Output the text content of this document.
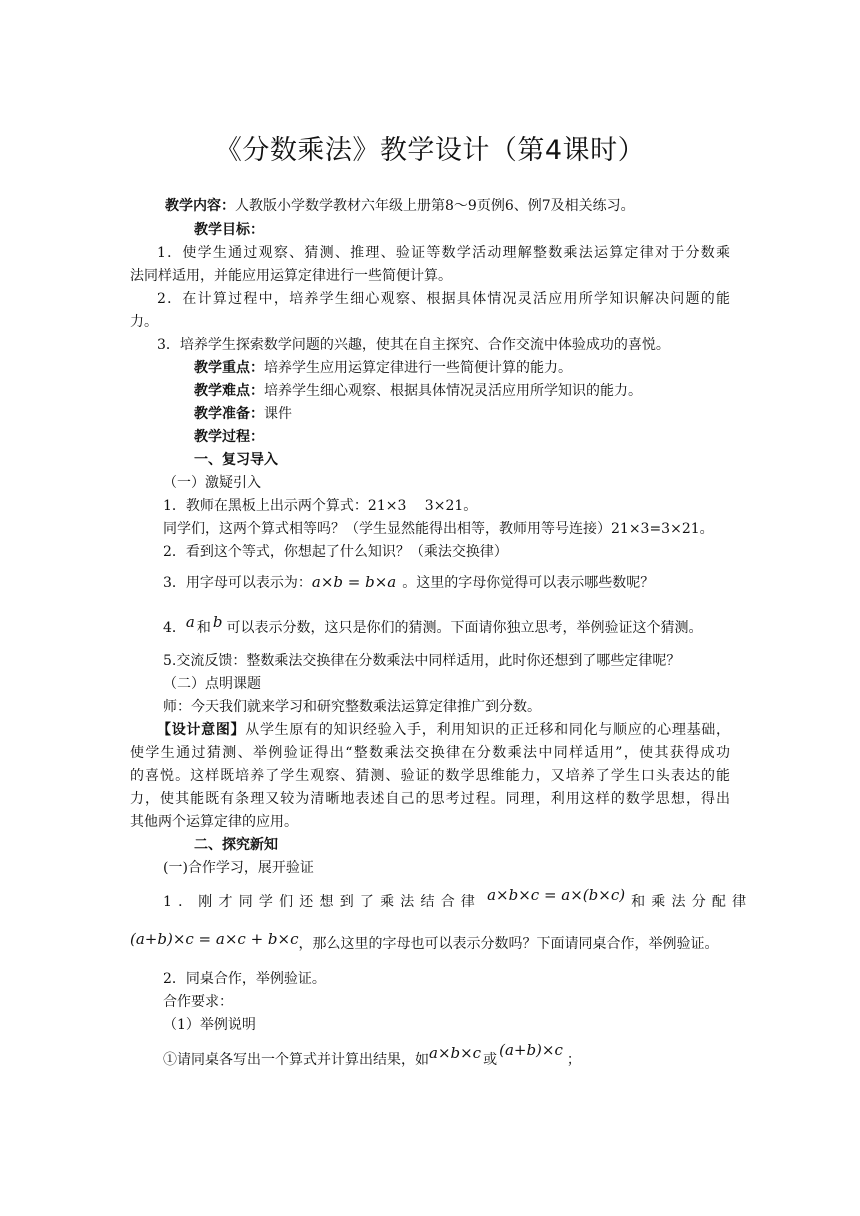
《分数乘法》教学设计（第4课时）
教学内容：人教版小学数学教材六年级上册第8～9页例6、例7及相关练习。
教学目标：
1．使学生通过观察、猜测、推理、验证等数学活动理解整数乘法运算定律对于分数乘
法同样适用，并能应用运算定律进行一些简便计算。
2．在计算过程中，培养学生细心观察、根据具体情况灵活应用所学知识解决问题的能
力。
3．培养学生探索数学问题的兴趣，使其在自主探究、合作交流中体验成功的喜悦。
教学重点：培养学生应用运算定律进行一些简便计算的能力。
教学难点：培养学生细心观察、根据具体情况灵活应用所学知识的能力。
教学准备：课件
教学过程：
一、复习导入
（一）激疑引入
1．教师在黑板上出示两个算式：21×3　 3×21。
同学们，这两个算式相等吗？（学生显然能得出相等，教师用等号连接）21×3=3×21。
2．看到这个等式，你想起了什么知识？（乘法交换律）
3．用字母可以表示为：a×b = b×a 。这里的字母你觉得可以表示哪些数呢？
4．a 和 b 可以表示分数，这只是你们的猜测。下面请你独立思考，举例验证这个猜测。
5.交流反馈：整数乘法交换律在分数乘法中同样适用，此时你还想到了哪些定律呢？
（二）点明课题
师：今天我们就来学习和研究整数乘法运算定律推广到分数。
【设计意图】从学生原有的知识经验入手，利用知识的正迁移和同化与顺应的心理基础，
使学生通过猜测、举例验证得出“整数乘法交换律在分数乘法中同样适用”，使其获得成功
的喜悦。这样既培养了学生观察、猜测、验证的数学思维能力，又培养了学生口头表达的能
力，使其能既有条理又较为清晰地表述自己的思考过程。同理，利用这样的数学思想，得出
其他两个运算定律的应用。
二、探究新知
(一)合作学习，展开验证
1．刚才同学们还想到了乘法结合律 a×b×c = a×(b×c) 和乘法分配律
(a+b)×c = a×c + b×c，那么这里的字母也可以表示分数吗？下面请同桌合作，举例验证。
2．同桌合作，举例验证。
合作要求：
（1）举例说明
①请同桌各写出一个算式并计算出结果，如a×b×c 或(a+b)×c；
